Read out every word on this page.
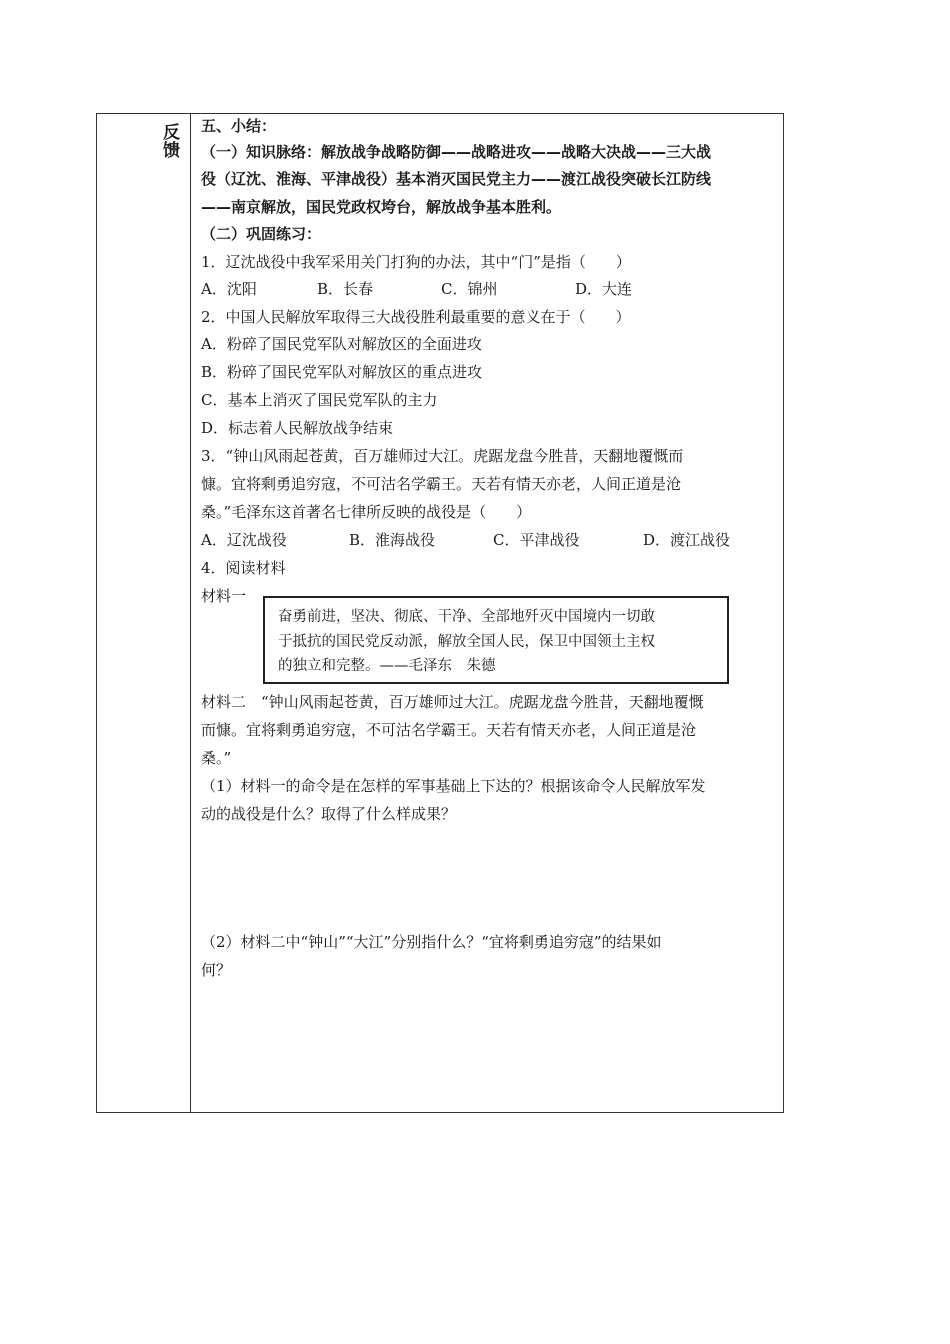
反馈
五、小结：
（一）知识脉络：解放战争战略防御——战略进攻——战略大决战——三大战
役（辽沈、淮海、平津战役）基本消灭国民党主力——渡江战役突破长江防线
——南京解放，国民党政权垮台，解放战争基本胜利。
（二）巩固练习：
1．辽沈战役中我军采用关门打狗的办法，其中“门”是指（　　）
A．沈阳	B．长春	C．锦州	D．大连
2．中国人民解放军取得三大战役胜利最重要的意义在于（　　）
A．粉碎了国民党军队对解放区的全面进攻
B．粉碎了国民党军队对解放区的重点进攻
C．基本上消灭了国民党军队的主力
D．标志着人民解放战争结束
3．“钟山风雨起苍黄，百万雄师过大江。虎踞龙盘今胜昔，天翻地覆慨而
慷。宜将剩勇追穷寇，不可沽名学霸王。天若有情天亦老，人间正道是沧
桑。”毛泽东这首著名七律所反映的战役是（　　）
A．辽沈战役	B．淮海战役	C．平津战役	D．渡江战役
4．阅读材料
材料一
材料二　“钟山风雨起苍黄，百万雄师过大江。虎踞龙盘今胜昔，天翻地覆慨
而慷。宜将剩勇追穷寇，不可沽名学霸王。天若有情天亦老，人间正道是沧
桑。”
（1）材料一的命令是在怎样的军事基础上下达的？根据该命令人民解放军发
动的战役是什么？取得了什么样成果？
（2）材料二中“钟山”“大江”分别指什么？“宜将剩勇追穷寇”的结果如
何？
奋勇前进，坚决、彻底、干净、全部地歼灭中国境内一切敢
于抵抗的国民党反动派，解放全国人民，保卫中国领土主权
的独立和完整。——毛泽东　朱德
